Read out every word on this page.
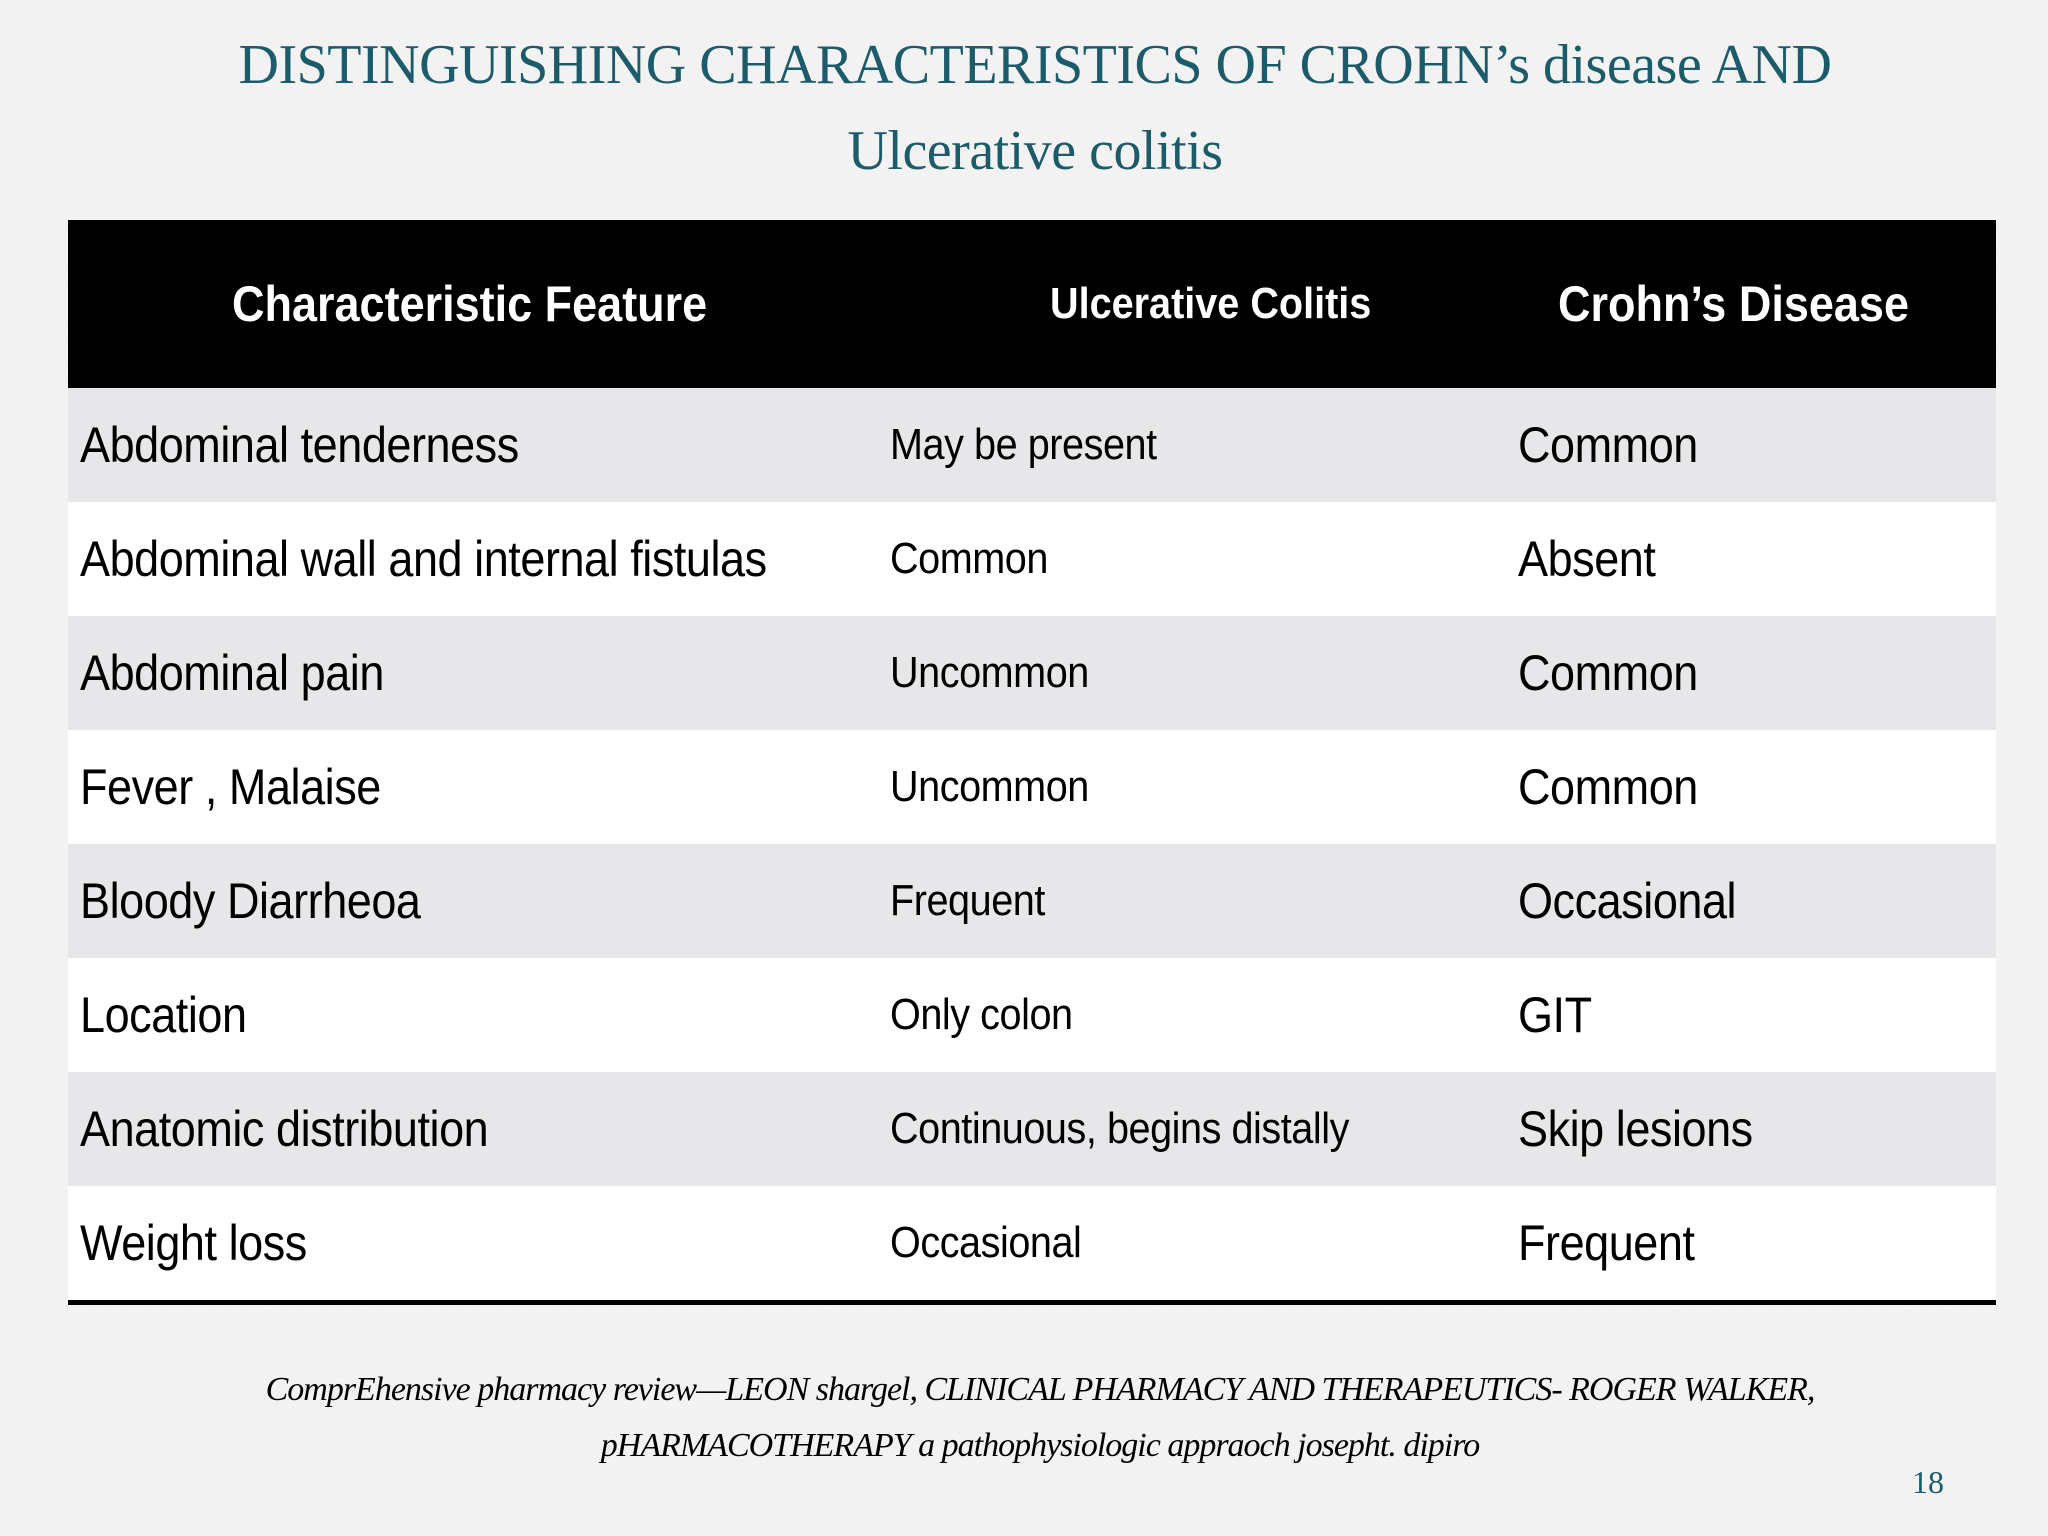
DISTINGUISHING CHARACTERISTICS OF CROHN’s disease AND Ulcerative colitis
Characteristic Feature	Ulcerative Colitis	Crohn’s Disease
Abdominal tenderness	May be present	Common
Abdominal wall and internal fistulas	Common	Absent
Abdominal pain	Uncommon	Common
Fever , Malaise	Uncommon	Common
Bloody Diarrheoa	Frequent	Occasional
Location	Only colon	GIT
Anatomic distribution	Continuous, begins distally	Skip lesions
Weight loss	Occasional	Frequent
ComprEhensive pharmacy review—LEON shargel, CLINICAL PHARMACY AND THERAPEUTICS- ROGER WALKER,
pHARMACOTHERAPY a pathophysiologic appraoch josepht. dipiro
18
